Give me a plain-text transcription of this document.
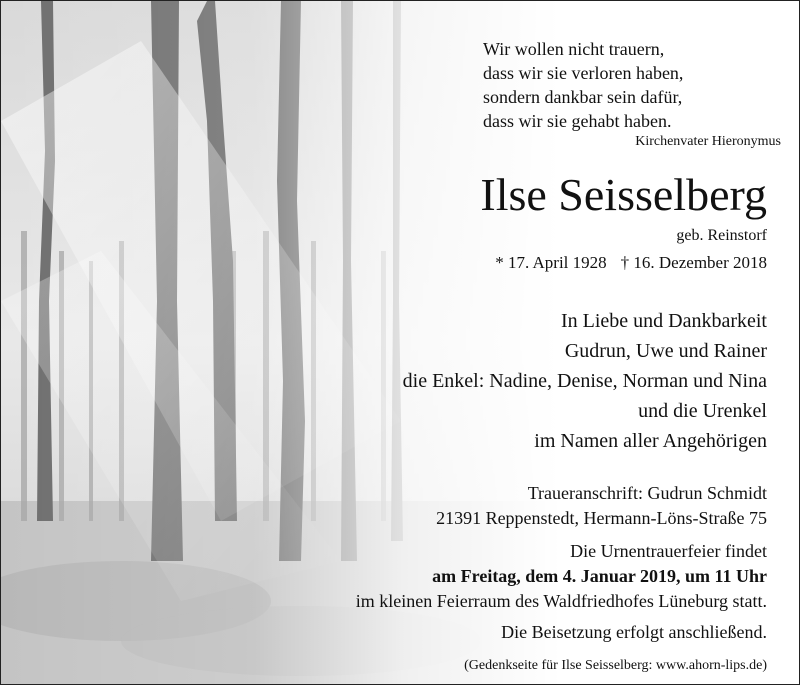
Wir wollen nicht trauern,
dass wir sie verloren haben,
sondern dankbar sein dafür,
dass wir sie gehabt haben.
Kirchenvater Hieronymus
Ilse Seisselberg
geb. Reinstorf
* 17. April 1928 † 16. Dezember 2018
In Liebe und Dankbarkeit
Gudrun, Uwe und Rainer
die Enkel: Nadine, Denise, Norman und Nina
und die Urenkel
im Namen aller Angehörigen
Traueranschrift: Gudrun Schmidt
21391 Reppenstedt, Hermann-Löns-Straße 75
Die Urnentrauerfeier findet
am Freitag, dem 4. Januar 2019, um 11 Uhr
im kleinen Feierraum des Waldfriedhofes Lüneburg statt.
Die Beisetzung erfolgt anschließend.
(Gedenkseite für Ilse Seisselberg: www.ahorn-lips.de)
